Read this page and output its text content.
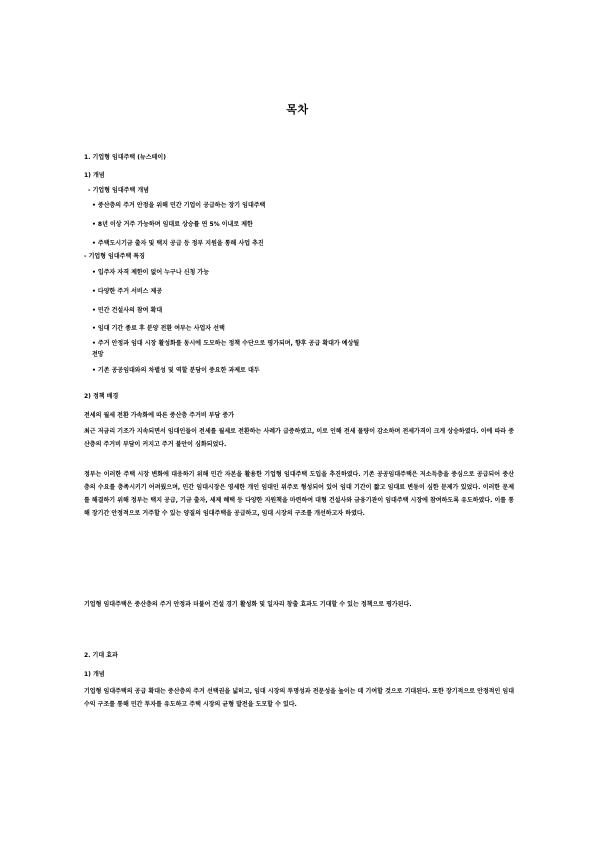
목차
1. 기업형 임대주택 (뉴스테이)
1) 개념
- 기업형 임대주택 개념
• 중산층의 주거 안정을 위해 민간 기업이 공급하는 장기 임대주택
• 8년 이상 거주 가능하며 임대료 상승률 연 5% 이내로 제한
• 주택도시기금 출자 및 택지 공급 등 정부 지원을 통해 사업 추진
- 기업형 임대주택 특징
• 입주자 자격 제한이 없어 누구나 신청 가능
• 다양한 주거 서비스 제공
• 민간 건설사의 참여 확대
• 임대 기간 종료 후 분양 전환 여부는 사업자 선택
• 주거 안정과 임대 시장 활성화를 동시에 도모하는 정책 수단으로 평가되며, 향후 공급 확대가 예상될
전망
• 기존 공공임대와의 차별성 및 역할 분담이 중요한 과제로 대두
2) 정책 배경
전세의 월세 전환 가속화에 따른 중산층 주거비 부담 증가
최근 저금리 기조가 지속되면서 임대인들이 전세를 월세로 전환하는 사례가 급증하였고, 이로 인해 전세 물량이 감소하며 전세가격이 크게 상승하였다. 이에 따라 중산층의 주거비 부담이 커지고 주거 불안이 심화되었다.
정부는 이러한 주택 시장 변화에 대응하기 위해 민간 자본을 활용한 기업형 임대주택 도입을 추진하였다. 기존 공공임대주택은 저소득층을 중심으로 공급되어 중산층의 수요를 충족시키기 어려웠으며, 민간 임대시장은 영세한 개인 임대인 위주로 형성되어 있어 임대 기간이 짧고 임대료 변동이 심한 문제가 있었다. 이러한 문제를 해결하기 위해 정부는 택지 공급, 기금 출자, 세제 혜택 등 다양한 지원책을 마련하여 대형 건설사와 금융기관이 임대주택 시장에 참여하도록 유도하였다. 이를 통해 장기간 안정적으로 거주할 수 있는 양질의 임대주택을 공급하고, 임대 시장의 구조를 개선하고자 하였다.
기업형 임대주택은 중산층의 주거 안정과 더불어 건설 경기 활성화 및 일자리 창출 효과도 기대할 수 있는 정책으로 평가된다.
2. 기대 효과
1) 개념
기업형 임대주택의 공급 확대는 중산층의 주거 선택권을 넓히고, 임대 시장의 투명성과 전문성을 높이는 데 기여할 것으로 기대된다. 또한 장기적으로 안정적인 임대 수익 구조를 통해 민간 투자를 유도하고 주택 시장의 균형 발전을 도모할 수 있다.
